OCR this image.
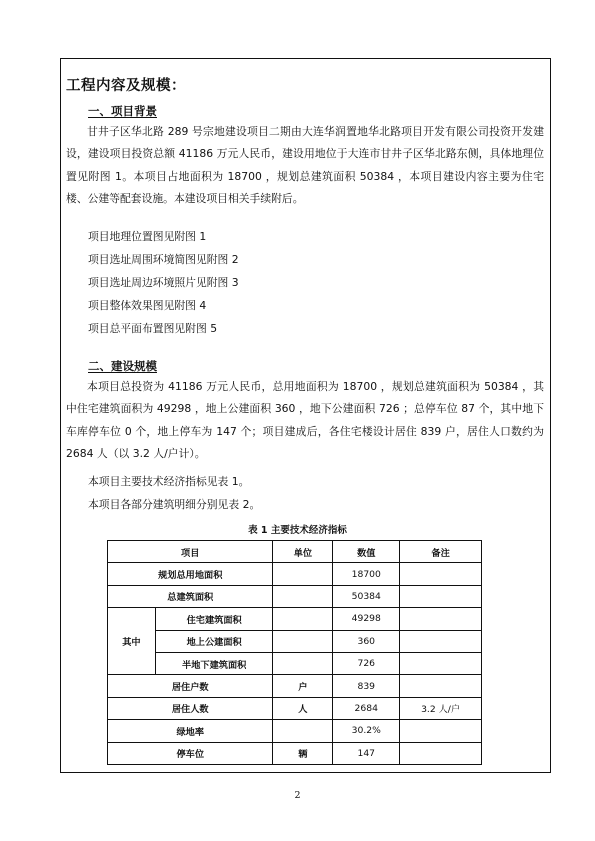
工程内容及规模：
一、项目背景
甘井子区华北路 289 号宗地建设项目二期由大连华润置地华北路项目开发有限公司投资开发建设，建设项目投资总额 41186 万元人民币，建设用地位于大连市甘井子区华北路东侧，具体地理位置见附图 1。本项目占地面积为 18700 ，规划总建筑面积 50384 ，本项目建设内容主要为住宅楼、公建等配套设施。本建设项目相关手续附后。
项目地理位置图见附图 1
项目选址周围环境简图见附图 2
项目选址周边环境照片见附图 3
项目整体效果图见附图 4
项目总平面布置图见附图 5
二、建设规模
本项目总投资为 41186 万元人民币，总用地面积为 18700 ，规划总建筑面积为 50384 ，其中住宅建筑面积为 49298 ，地上公建面积 360 ，地下公建面积 726 ；总停车位 87 个，其中地下车库停车位 0 个，地上停车为 147 个；项目建成后，各住宅楼设计居住 839 户，居住人口数约为 2684 人（以 3.2 人/户计）。
本项目主要技术经济指标见表 1。
本项目各部分建筑明细分别见表 2。
表 1 主要技术经济指标
项目		单位	数值	备注
规划总用地面积			18700	
总建筑面积			50384	
其中	住宅建筑面积		49298	
	地上公建面积		360	
	半地下建筑面积		726	
居住户数		户	839	
居住人数		人	2684	3.2 人/户
绿地率			30.2%	
停车位		辆	147	
2
